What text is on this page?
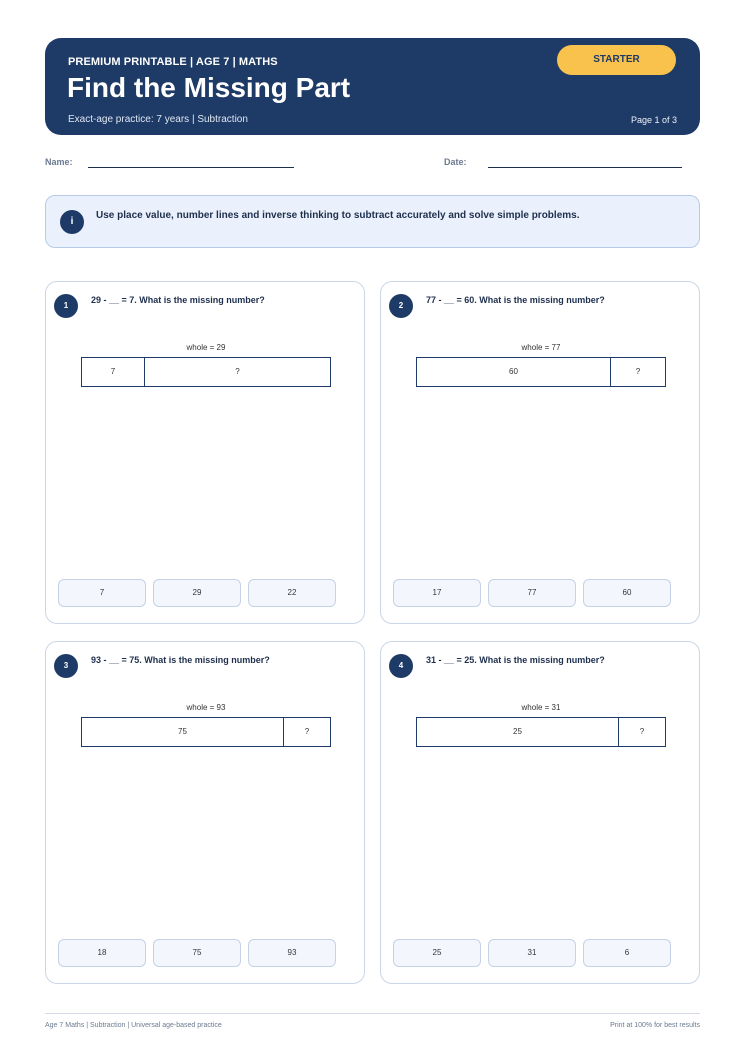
PREMIUM PRINTABLE | AGE 7 | MATHS
Find the Missing Part
Exact-age practice: 7 years | Subtraction
STARTER
Page 1 of 3
Name:	Date:
i
Use place value, number lines and inverse thinking to subtract accurately and solve simple problems.
1
29 - __ = 7. What is the missing number?
whole = 29
7	?
7	29	22
2
77 - __ = 60. What is the missing number?
whole = 77
60	?
17	77	60
3
93 - __ = 75. What is the missing number?
whole = 93
75	?
18	75	93
4
31 - __ = 25. What is the missing number?
whole = 31
25	?
25	31	6
Age 7 Maths | Subtraction | Universal age-based practice	Print at 100% for best results
